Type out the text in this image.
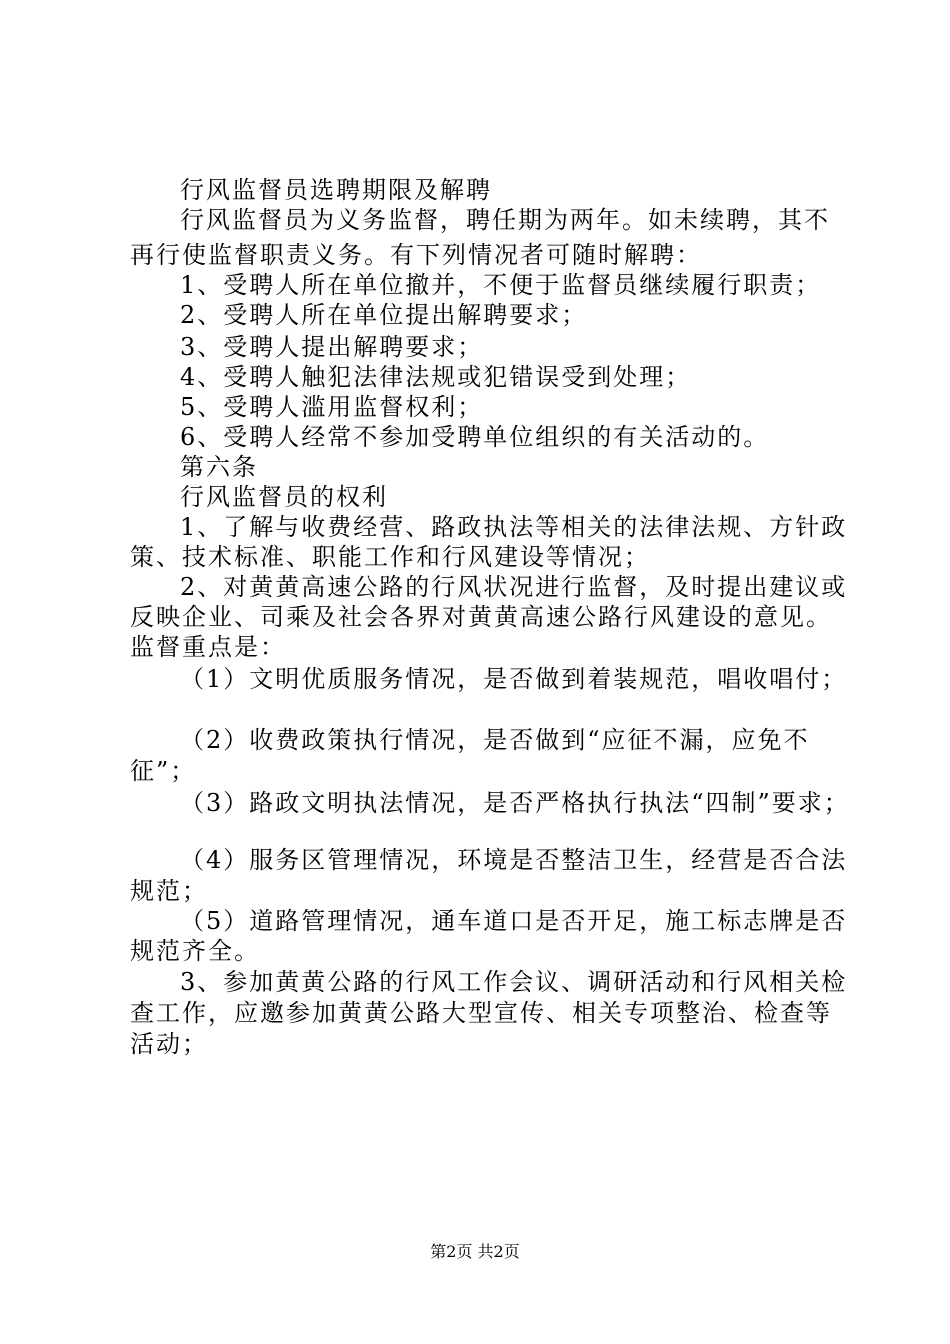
行风监督员选聘期限及解聘
行风监督员为义务监督，聘任期为两年。如未续聘，其不
再行使监督职责义务。有下列情况者可随时解聘：
1、受聘人所在单位撤并，不便于监督员继续履行职责；
2、受聘人所在单位提出解聘要求；
3、受聘人提出解聘要求；
4、受聘人触犯法律法规或犯错误受到处理；
5、受聘人滥用监督权利；
6、受聘人经常不参加受聘单位组织的有关活动的。
第六条
行风监督员的权利
1、了解与收费经营、路政执法等相关的法律法规、方针政
策、技术标准、职能工作和行风建设等情况；
2、对黄黄高速公路的行风状况进行监督，及时提出建议或
反映企业、司乘及社会各界对黄黄高速公路行风建设的意见。
监督重点是：
（1）文明优质服务情况，是否做到着装规范，唱收唱付；
（2）收费政策执行情况，是否做到“应征不漏，应免不
征”；
（3）路政文明执法情况，是否严格执行执法“四制”要求；
（4）服务区管理情况，环境是否整洁卫生，经营是否合法
规范；
（5）道路管理情况，通车道口是否开足，施工标志牌是否
规范齐全。
3、参加黄黄公路的行风工作会议、调研活动和行风相关检
查工作，应邀参加黄黄公路大型宣传、相关专项整治、检查等
活动；
第2页 共2页
